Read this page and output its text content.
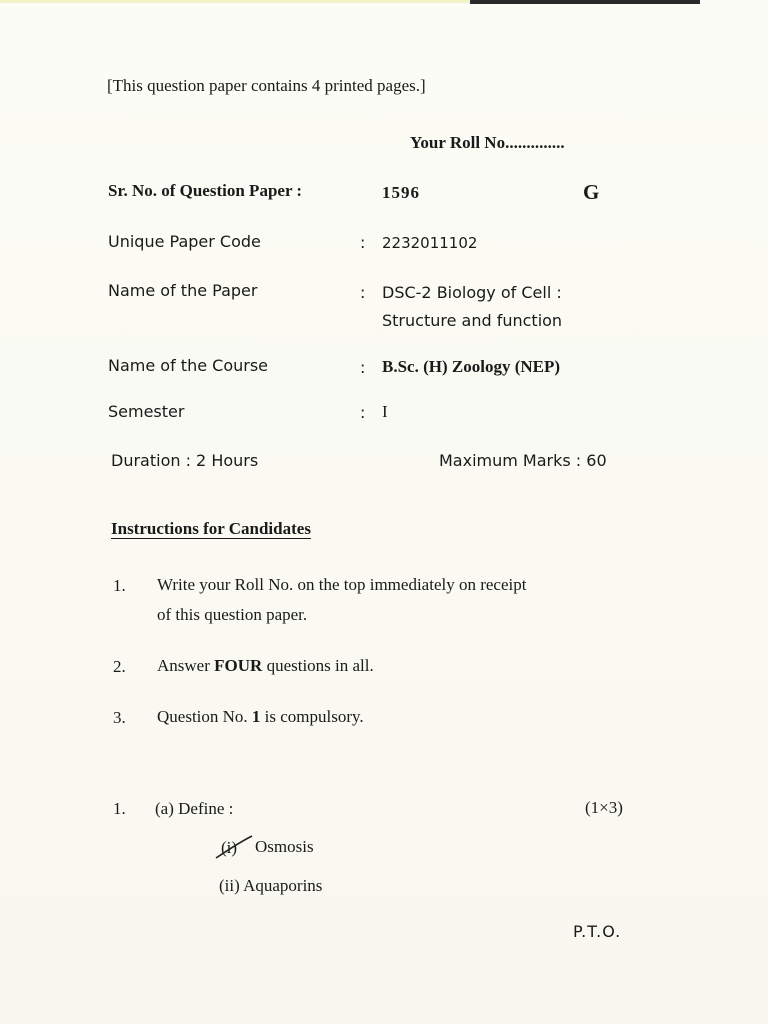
[This question paper contains 4 printed pages.]
Your Roll No..............
Sr. No. of Question Paper :	1596	G
Unique Paper Code	: 2232011102
Name of the Paper	: DSC-2 Biology of Cell :
Structure and function
Name of the Course	: B.Sc. (H) Zoology (NEP)
Semester	: I
Duration : 2 Hours	Maximum Marks : 60
Instructions for Candidates
1. Write your Roll No. on the top immediately on receipt
of this question paper.
2. Answer FOUR questions in all.
3. Question No. 1 is compulsory.
1. (a) Define :	(1×3)
(i) Osmosis
(ii) Aquaporins
P.T.O.
